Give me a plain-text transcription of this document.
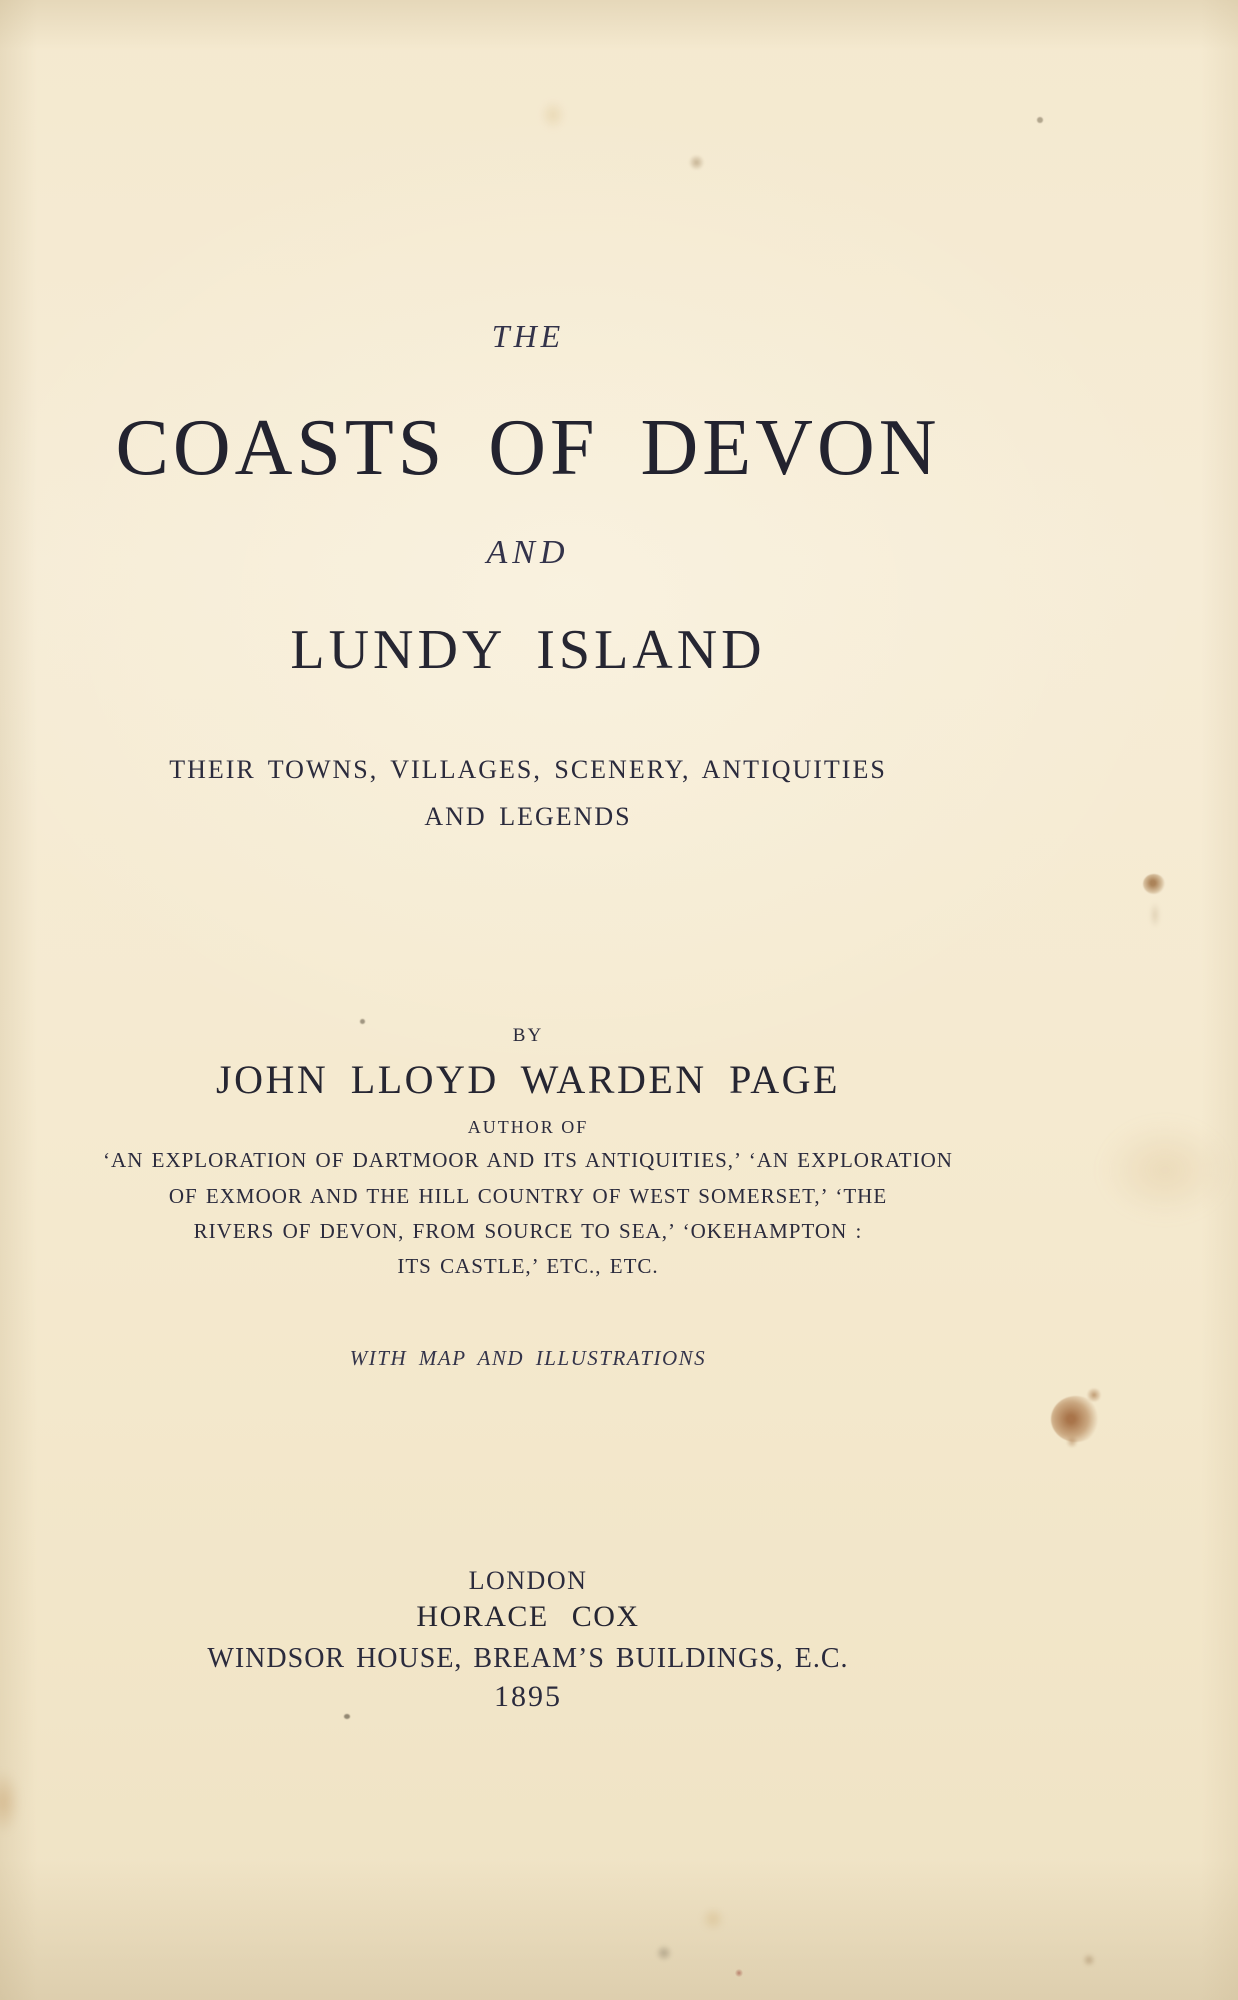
THE
COASTS OF DEVON
AND
LUNDY ISLAND
THEIR TOWNS, VILLAGES, SCENERY, ANTIQUITIES
AND LEGENDS
BY
JOHN LLOYD WARDEN PAGE
AUTHOR OF
‘AN EXPLORATION OF DARTMOOR AND ITS ANTIQUITIES,’ ‘AN EXPLORATION
OF EXMOOR AND THE HILL COUNTRY OF WEST SOMERSET,’ ‘THE
RIVERS OF DEVON, FROM SOURCE TO SEA,’ ‘OKEHAMPTON :
ITS CASTLE,’ ETC., ETC.
WITH MAP AND ILLUSTRATIONS
LONDON
HORACE COX
WINDSOR HOUSE, BREAM’S BUILDINGS, E.C.
1895
